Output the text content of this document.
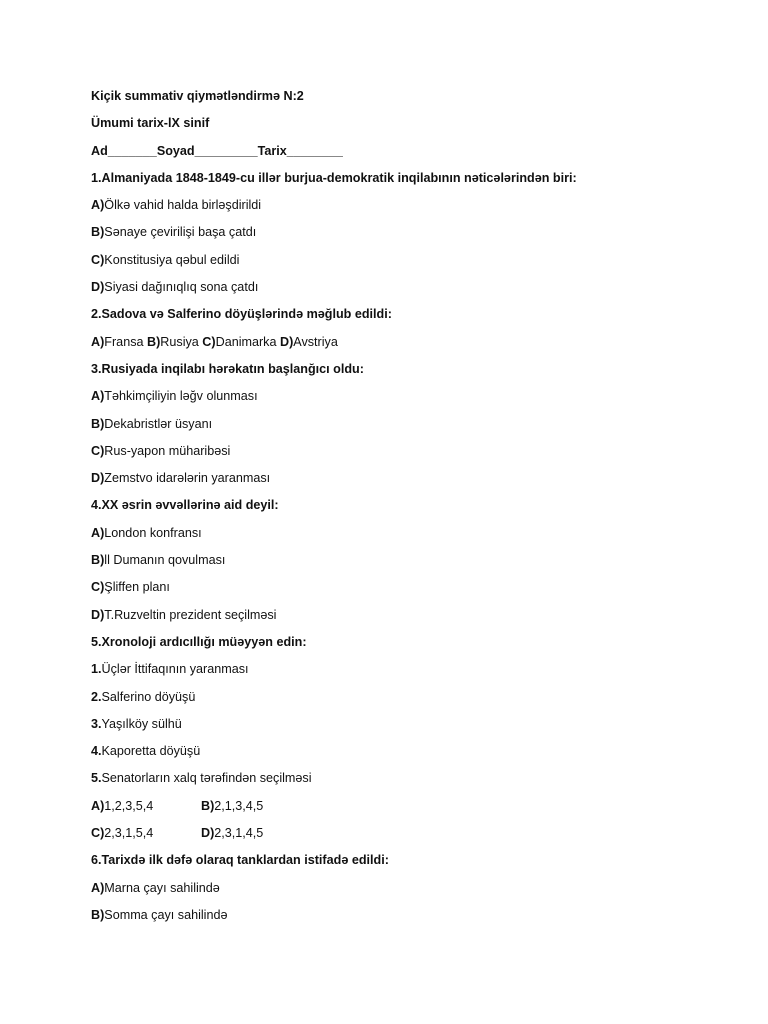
Kiçik summativ qiymətləndirmə N:2
Ümumi tarix-lX sinif
Ad_______Soyad_________Tarix________
1.Almaniyada 1848-1849-cu illər burjua-demokratik inqilabının nəticələrindən biri:
A)Ölkə vahid halda birləşdirildi
B)Sənaye çevirilişi başa çatdı
C)Konstitusiya qəbul edildi
D)Siyasi dağınıqlıq sona çatdı
2.Sadova və Salferino döyüşlərində məğlub edildi:
A)Fransa B)Rusiya C)Danimarka D)Avstriya
3.Rusiyada inqilabı hərəkatın başlanğıcı oldu:
A)Təhkimçiliyin ləğv olunması
B)Dekabristlər üsyanı
C)Rus-yapon müharibəsi
D)Zemstvo idarələrin yaranması
4.XX əsrin əvvəllərinə aid deyil:
A)London konfransı
B)ll Dumanın qovulması
C)Şliffen planı
D)T.Ruzveltin prezident seçilməsi
5.Xronoloji ardıcıllığı müəyyən edin:
1.Üçlər İttifaqının yaranması
2.Salferino döyüşü
3.Yaşılköy sülhü
4.Kaporetta döyüşü
5.Senatorların xalq tərəfindən seçilməsi
A)1,2,3,5,4	B)2,1,3,4,5
C)2,3,1,5,4	D)2,3,1,4,5
6.Tarixdə ilk dəfə olaraq tanklardan istifadə edildi:
A)Marna çayı sahilində
B)Somma çayı sahilində
